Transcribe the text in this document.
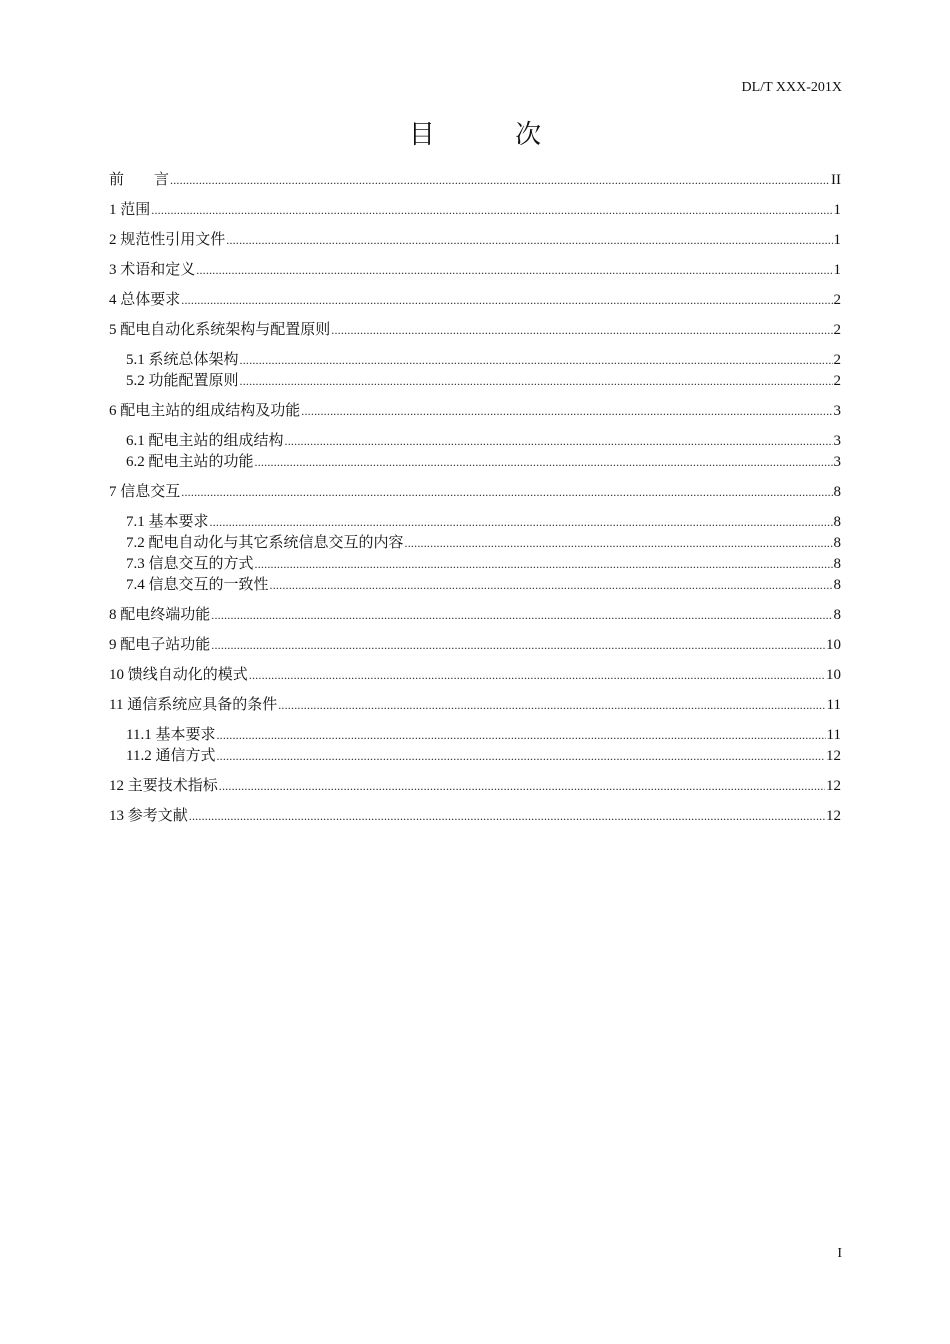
DL/T XXX-201X
目 次
前　　言 .....	II
1 范围 .....	1
2 规范性引用文件 .....	1
3 术语和定义 .....	1
4 总体要求 .....	2
5 配电自动化系统架构与配置原则 .....	2
5.1 系统总体架构 .....	2
5.2 功能配置原则 .....	2
6 配电主站的组成结构及功能 .....	3
6.1 配电主站的组成结构 .....	3
6.2 配电主站的功能 .....	3
7 信息交互 .....	8
7.1 基本要求 .....	8
7.2 配电自动化与其它系统信息交互的内容 .....	8
7.3 信息交互的方式 .....	8
7.4 信息交互的一致性 .....	8
8 配电终端功能 .....	8
9 配电子站功能 .....	10
10 馈线自动化的模式 .....	10
11 通信系统应具备的条件 .....	11
11.1 基本要求 .....	11
11.2 通信方式 .....	12
12 主要技术指标 .....	12
13 参考文献 .....	12
I
